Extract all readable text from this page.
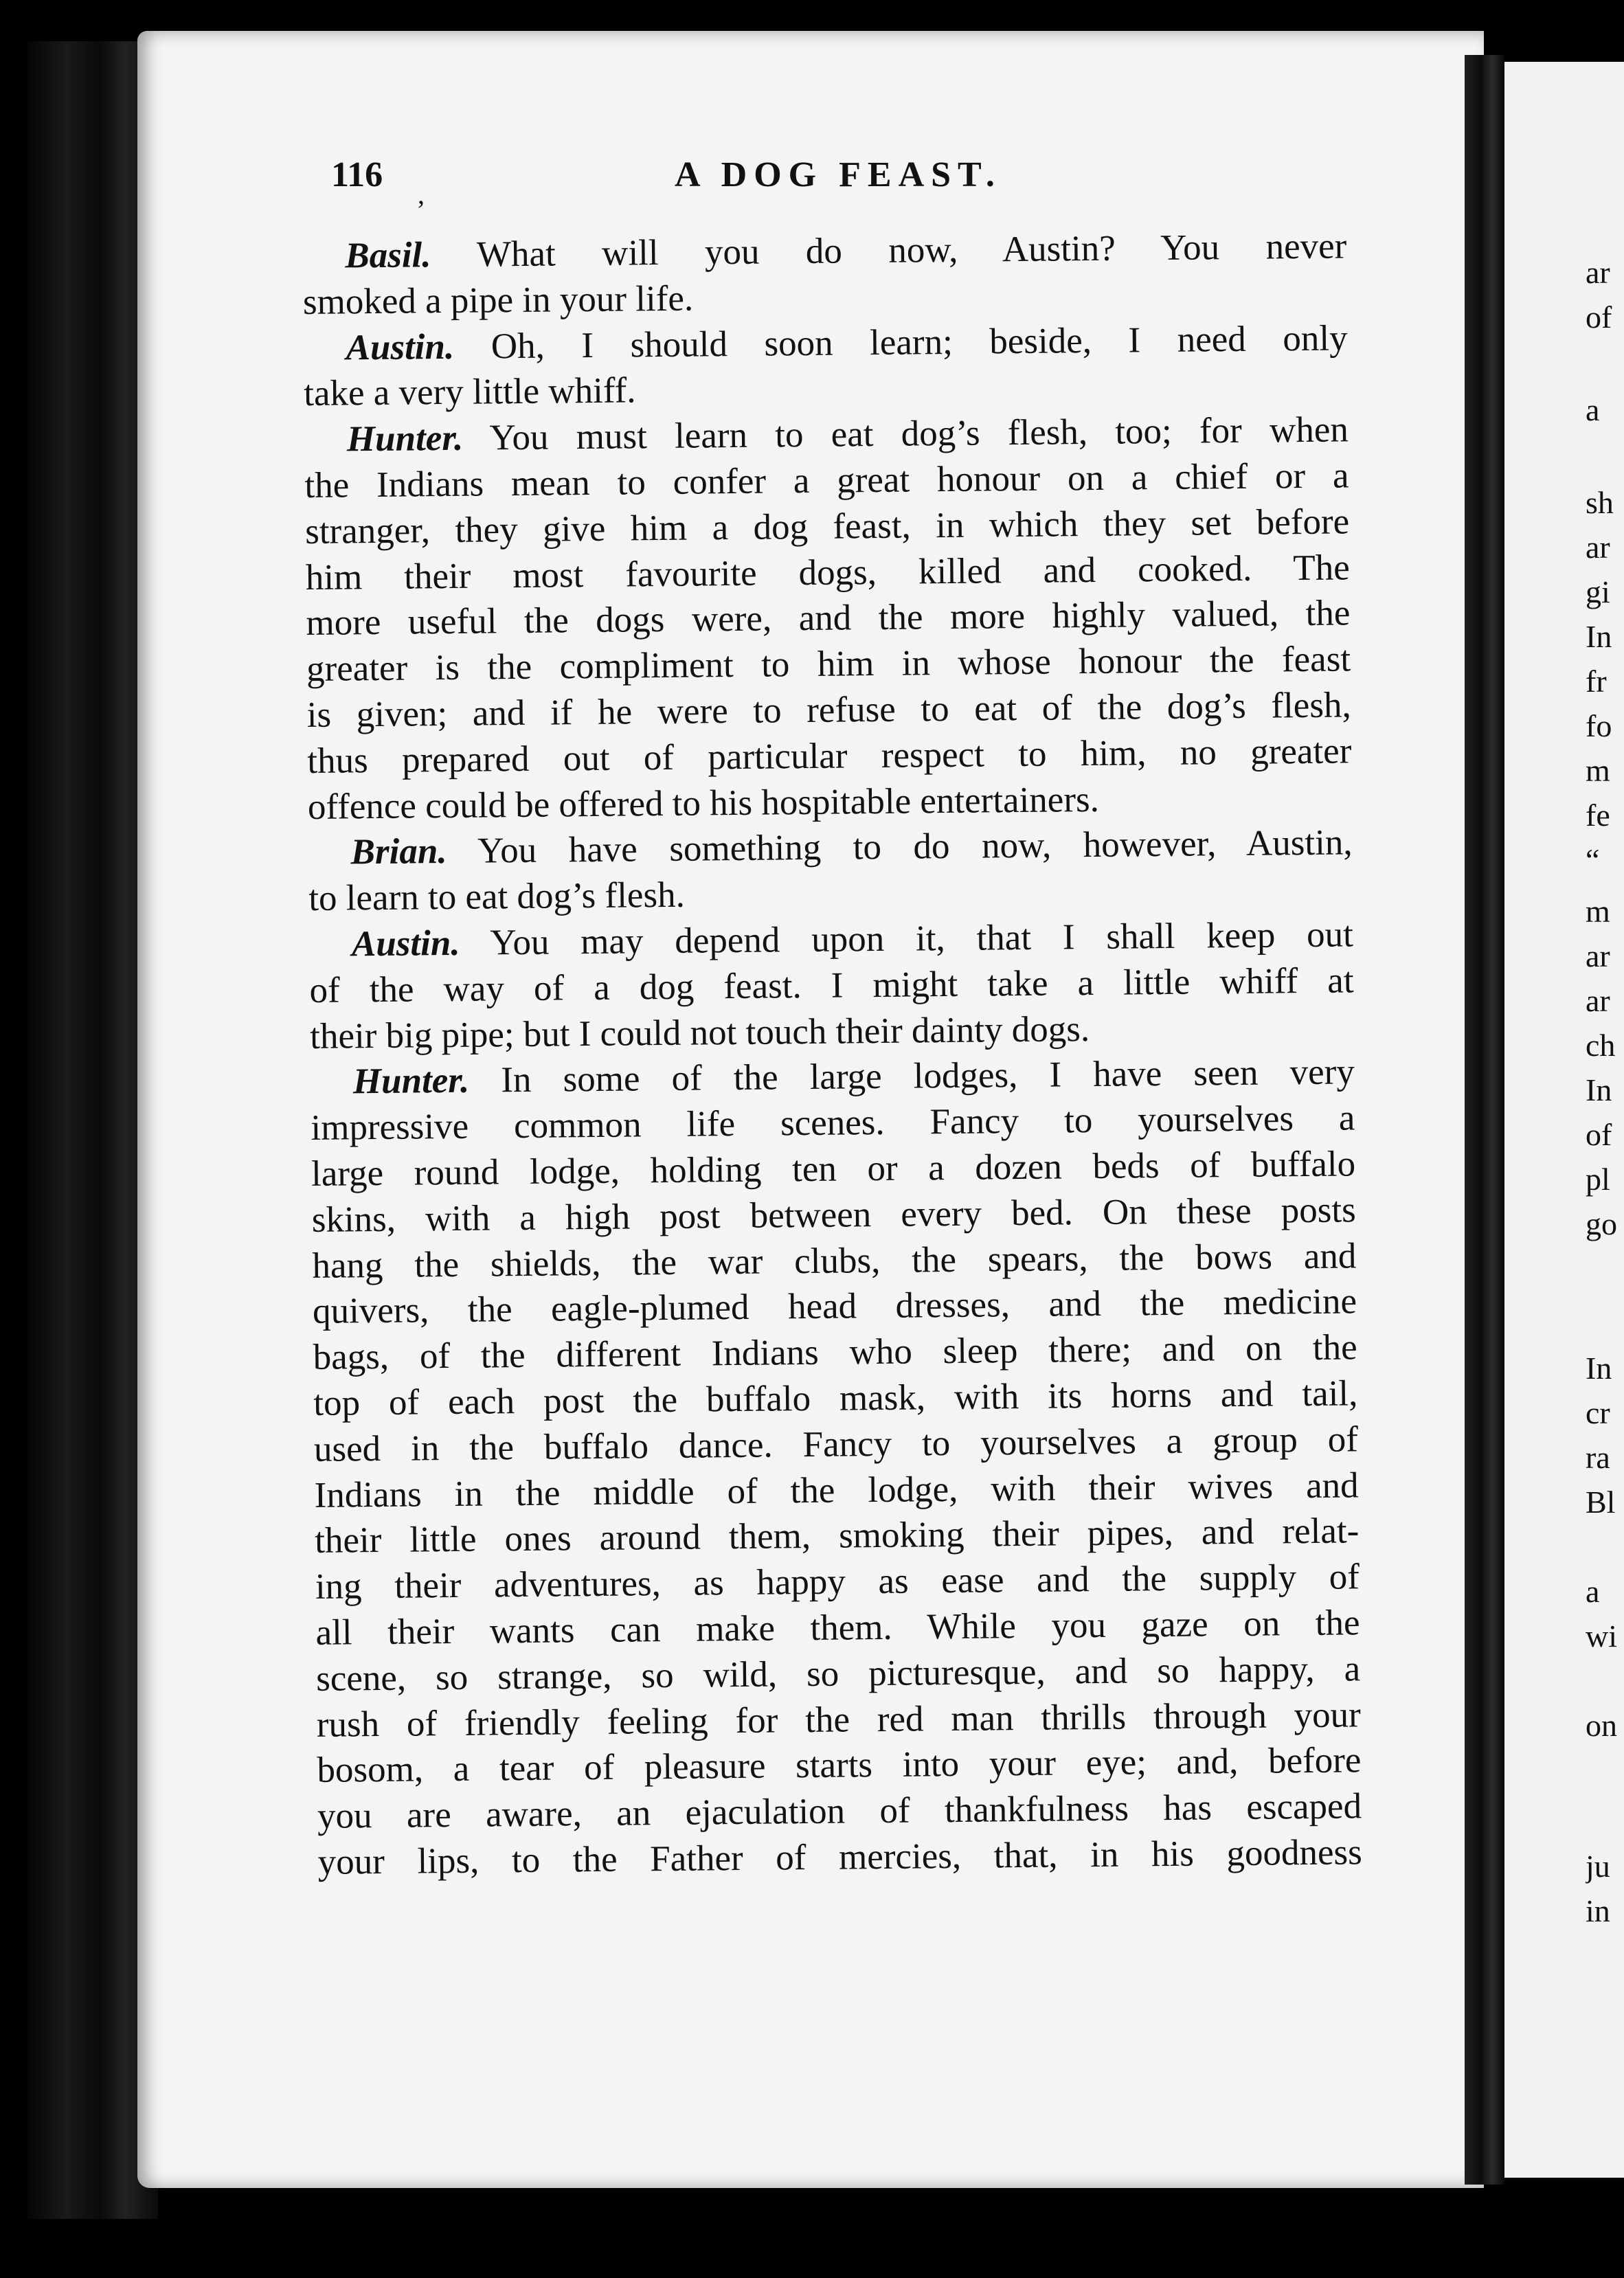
ar
of
a
sh
ar
gi
In
fr
fo
m
fe
“
m
ar
ar
ch
In
of
pl
go
In
cr
ra
Bl
a
wi
on
ju
in
116	A DOG FEAST.
’
Basil. What will you do now, Austin? You never
smoked a pipe in your life.
Austin. Oh, I should soon learn; beside, I need only
take a very little whiff.
Hunter. You must learn to eat dog’s flesh, too; for when
the Indians mean to confer a great honour on a chief or a
stranger, they give him a dog feast, in which they set before
him their most favourite dogs, killed and cooked. The
more useful the dogs were, and the more highly valued, the
greater is the compliment to him in whose honour the feast
is given; and if he were to refuse to eat of the dog’s flesh,
thus prepared out of particular respect to him, no greater
offence could be offered to his hospitable entertainers.
Brian. You have something to do now, however, Austin,
to learn to eat dog’s flesh.
Austin. You may depend upon it, that I shall keep out
of the way of a dog feast. I might take a little whiff at
their big pipe; but I could not touch their dainty dogs.
Hunter. In some of the large lodges, I have seen very
impressive common life scenes. Fancy to yourselves a
large round lodge, holding ten or a dozen beds of buffalo
skins, with a high post between every bed. On these posts
hang the shields, the war clubs, the spears, the bows and
quivers, the eagle-plumed head dresses, and the medicine
bags, of the different Indians who sleep there; and on the
top of each post the buffalo mask, with its horns and tail,
used in the buffalo dance. Fancy to yourselves a group of
Indians in the middle of the lodge, with their wives and
their little ones around them, smoking their pipes, and relat-
ing their adventures, as happy as ease and the supply of
all their wants can make them. While you gaze on the
scene, so strange, so wild, so picturesque, and so happy, a
rush of friendly feeling for the red man thrills through your
bosom, a tear of pleasure starts into your eye; and, before
you are aware, an ejaculation of thankfulness has escaped
your lips, to the Father of mercies, that, in his goodness
